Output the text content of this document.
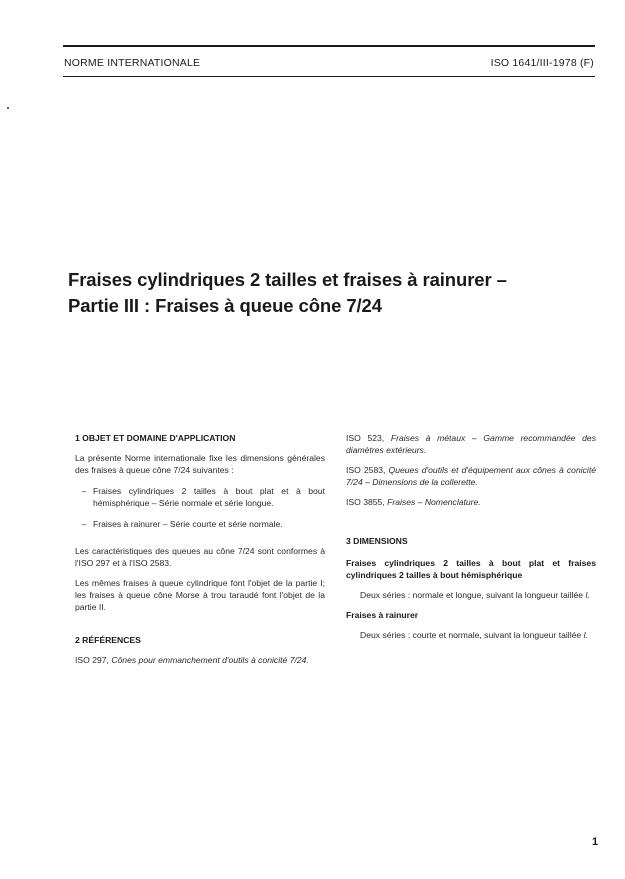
NORME INTERNATIONALE	ISO 1641/III-1978 (F)
Fraises cylindriques 2 tailles et fraises à rainurer –
Partie III : Fraises à queue cône 7/24

1 OBJET ET DOMAINE D'APPLICATION

La présente Norme internationale fixe les dimensions générales des fraises à queue cône 7/24 suivantes :

– Fraises cylindriques 2 tailles à bout plat et à bout hémisphérique – Série normale et série longue.
– Fraises à rainurer – Série courte et série normale.

Les caractéristiques des queues au cône 7/24 sont conformes à l'ISO 297 et à l'ISO 2583.

Les mêmes fraises à queue cylindrique font l'objet de la partie I; les fraises à queue cône Morse à trou taraudé font l'objet de la partie II.

2 RÉFÉRENCES

ISO 297, Cônes pour emmanchement d'outils à conicité 7/24.

ISO 523, Fraises à métaux – Gamme recommandée des diamètres extérieurs.

ISO 2583, Queues d'outils et d'équipement aux cônes à conicité 7/24 – Dimensions de la collerette.

ISO 3855, Fraises – Nomenclature.

3 DIMENSIONS

Fraises cylindriques 2 tailles à bout plat et fraises cylindriques 2 tailles à bout hémisphérique

Deux séries : normale et longue, suivant la longueur taillée l.

Fraises à rainurer

Deux séries : courte et normale, suivant la longueur taillée l.

1
